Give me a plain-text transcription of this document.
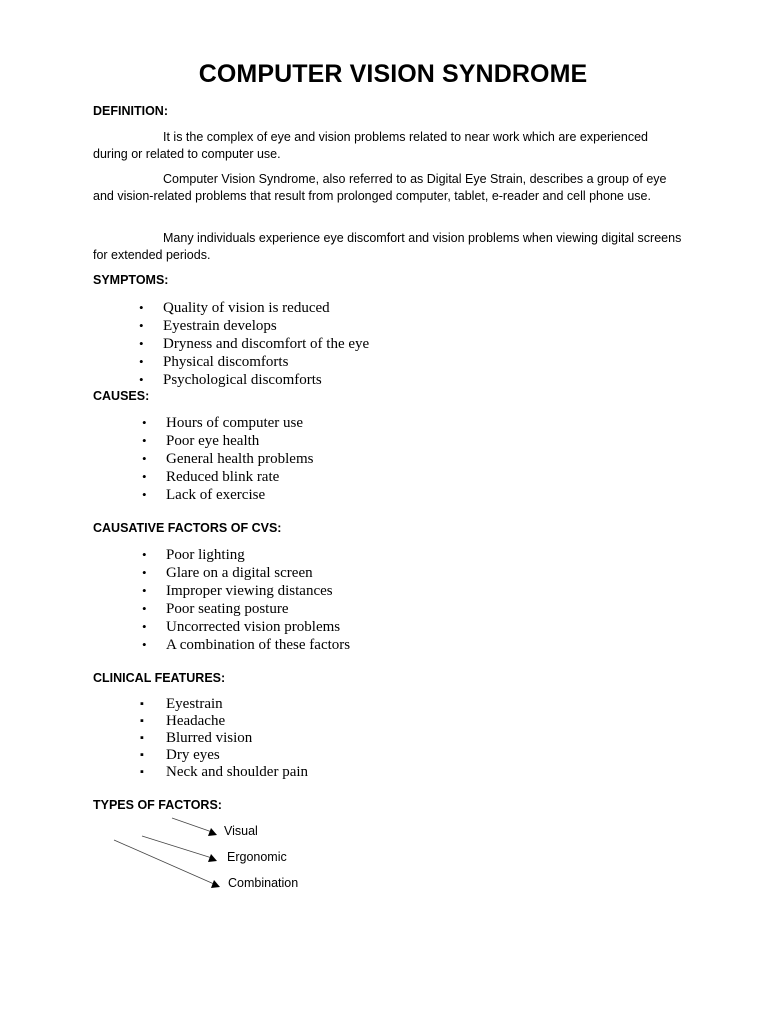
COMPUTER VISION SYNDROME
DEFINITION:
It is the complex of eye and vision problems related to near work which are experienced during or related to computer use.
Computer Vision Syndrome, also referred to as Digital Eye Strain, describes a group of eye and vision-related problems that result from prolonged computer, tablet, e-reader and cell phone use.
Many individuals experience eye discomfort and vision problems when viewing digital screens for extended periods.
SYMPTOMS:
• Quality of vision is reduced
• Eyestrain develops
• Dryness and discomfort of the eye
• Physical discomforts
• Psychological discomforts
CAUSES:
• Hours of computer use
• Poor eye health
• General health problems
• Reduced blink rate
• Lack of exercise
CAUSATIVE FACTORS OF CVS:
• Poor lighting
• Glare on a digital screen
• Improper viewing distances
• Poor seating posture
• Uncorrected vision problems
• A combination of these factors
CLINICAL FEATURES:
▪ Eyestrain
▪ Headache
▪ Blurred vision
▪ Dry eyes
▪ Neck and shoulder pain
TYPES OF FACTORS:
Visual
Ergonomic
Combination
